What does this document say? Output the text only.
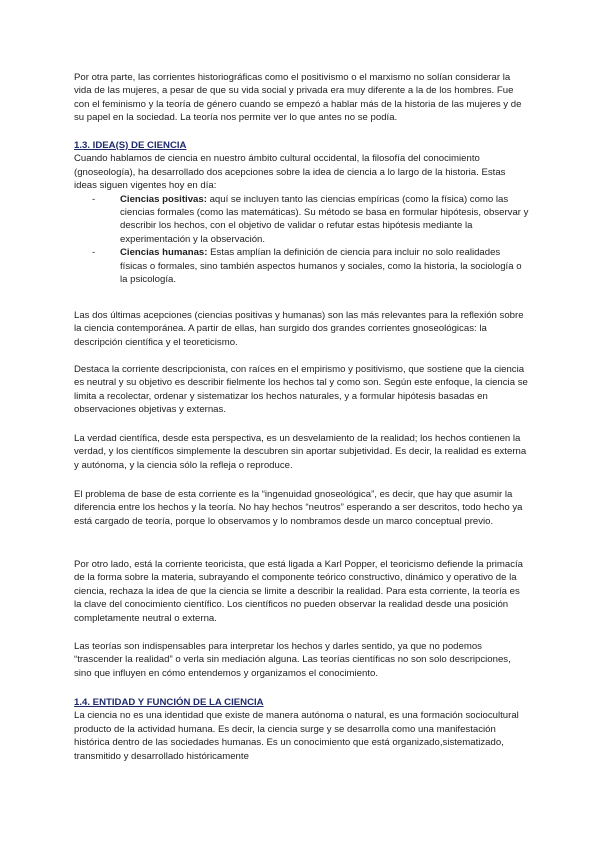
Por otra parte, las corrientes historiográficas como el positivismo o el marxismo no solían considerar la vida de las mujeres, a pesar de que su vida social y privada era muy diferente a la de los hombres. Fue con el feminismo y la teoría de género cuando se empezó a hablar más de la historia de las mujeres y de su papel en la sociedad. La teoría nos permite ver lo que antes no se podía.

1.3. IDEA(S) DE CIENCIA

Cuando hablamos de ciencia en nuestro ámbito cultural occidental, la filosofía del conocimiento (gnoseología), ha desarrollado dos acepciones sobre la idea de ciencia a lo largo de la historia. Estas ideas siguen vigentes hoy en día:

-	Ciencias positivas: aquí se incluyen tanto las ciencias empíricas (como la física) como las ciencias formales (como las matemáticas). Su método se basa en formular hipótesis, observar y describir los hechos, con el objetivo de validar o refutar estas hipótesis mediante la experimentación y la observación.
-	Ciencias humanas: Estas amplían la definición de ciencia para incluir no solo realidades físicas o formales, sino también aspectos humanos y sociales, como la historia, la sociología o la psicología.

Las dos últimas acepciones (ciencias positivas y humanas) son las más relevantes para la reflexión sobre la ciencia contemporánea. A partir de ellas, han surgido dos grandes corrientes gnoseológicas: la descripción científica y el teoreticismo.

Destaca la corriente descripcionista, con raíces en el empirismo y positivismo, que sostiene que la ciencia es neutral y su objetivo es describir fielmente los hechos tal y como son. Según este enfoque, la ciencia se limita a recolectar, ordenar y sistematizar los hechos naturales, y a formular hipótesis basadas en observaciones objetivas y externas.

La verdad científica, desde esta perspectiva, es un desvelamiento de la realidad; los hechos contienen la verdad, y los científicos simplemente la descubren sin aportar subjetividad. Es decir, la realidad es externa y autónoma, y la ciencia sólo la refleja o reproduce.

El problema de base de esta corriente es la “ingenuidad gnoseológica”, es decir, que hay que asumir la diferencia entre los hechos y la teoría. No hay hechos “neutros” esperando a ser descritos, todo hecho ya está cargado de teoría, porque lo observamos y lo nombramos desde un marco conceptual previo.

Por otro lado, está la corriente teoricista, que está ligada a Karl Popper, el teoricismo defiende la primacía de la forma sobre la materia, subrayando el componente teórico constructivo, dinámico y operativo de la ciencia, rechaza la idea de que la ciencia se limite a describir la realidad. Para esta corriente, la teoría es la clave del conocimiento científico. Los científicos no pueden observar la realidad desde una posición completamente neutral o externa.

Las teorías son indispensables para interpretar los hechos y darles sentido, ya que no podemos “trascender la realidad” o verla sin mediación alguna. Las teorías científicas no son solo descripciones, sino que influyen en cómo entendemos y organizamos el conocimiento.

1.4. ENTIDAD Y FUNCIÓN DE LA CIENCIA

La ciencia no es una identidad que existe de manera autónoma o natural, es una formación sociocultural producto de la actividad humana. Es decir, la ciencia surge y se desarrolla como una manifestación histórica dentro de las sociedades humanas. Es un conocimiento que está organizado,sistematizado, transmitido y desarrollado históricamente
